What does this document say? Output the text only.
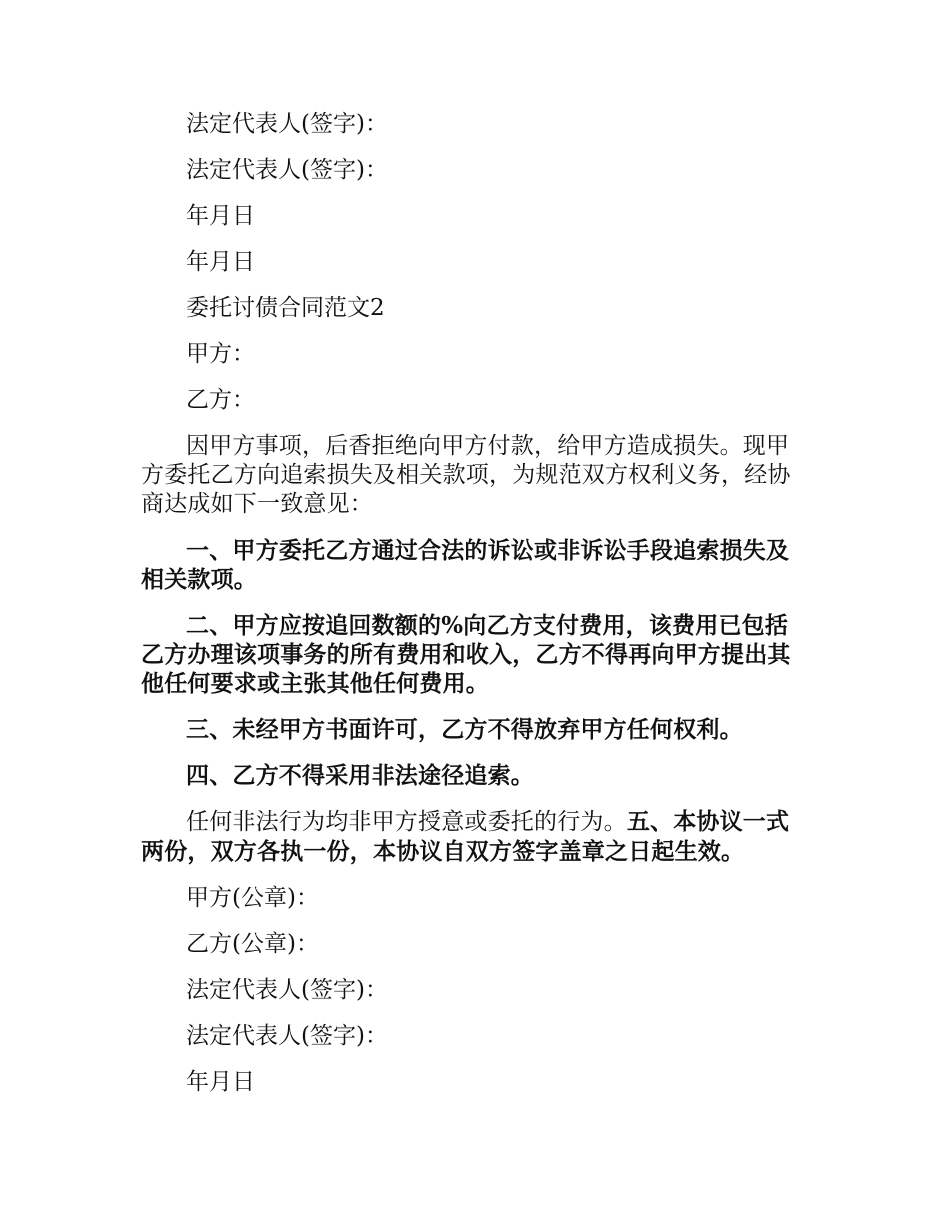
法定代表人(签字)：

法定代表人(签字)：

年月日

年月日

委托讨债合同范文2

甲方：

乙方：

因甲方事项，后香拒绝向甲方付款，给甲方造成损失。现甲方委托乙方向追索损失及相关款项，为规范双方权利义务，经协商达成如下一致意见：

一、甲方委托乙方通过合法的诉讼或非诉讼手段追索损失及相关款项。

二、甲方应按追回数额的%向乙方支付费用，该费用已包括乙方办理该项事务的所有费用和收入，乙方不得再向甲方提出其他任何要求或主张其他任何费用。

三、未经甲方书面许可，乙方不得放弃甲方任何权利。

四、乙方不得采用非法途径追索。

任何非法行为均非甲方授意或委托的行为。五、本协议一式两份，双方各执一份，本协议自双方签字盖章之日起生效。

甲方(公章)：

乙方(公章)：

法定代表人(签字)：

法定代表人(签字)：

年月日
